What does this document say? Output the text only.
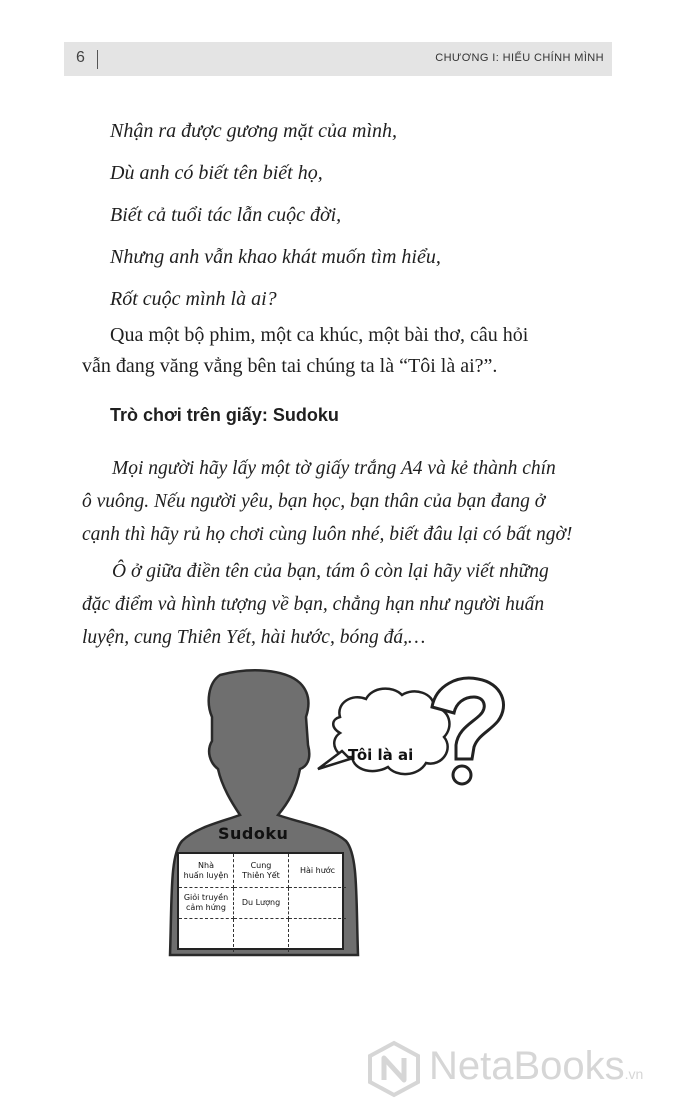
6	CHƯƠNG I: HIỂU CHÍNH MÌNH
Nhận ra được gương mặt của mình,
Dù anh có biết tên biết họ,
Biết cả tuổi tác lẫn cuộc đời,
Nhưng anh vẫn khao khát muốn tìm hiểu,
Rốt cuộc mình là ai?
Qua một bộ phim, một ca khúc, một bài thơ, câu hỏi
vẫn đang văng vẳng bên tai chúng ta là “Tôi là ai?”.
Trò chơi trên giấy: Sudoku
Mọi người hãy lấy một tờ giấy trắng A4 và kẻ thành chín
ô vuông. Nếu người yêu, bạn học, bạn thân của bạn đang ở
cạnh thì hãy rủ họ chơi cùng luôn nhé, biết đâu lại có bất ngờ!
Ô ở giữa điền tên của bạn, tám ô còn lại hãy viết những
đặc điểm và hình tượng về bạn, chẳng hạn như người huấn
luyện, cung Thiên Yết, hài hước, bóng đá,…
Tôi là ai
Sudoku
Nhà
huấn luyện
Cung
Thiên Yết
Hài hước
Giỏi truyền
cảm hứng
Du Lượng
NetaBooks.vn
